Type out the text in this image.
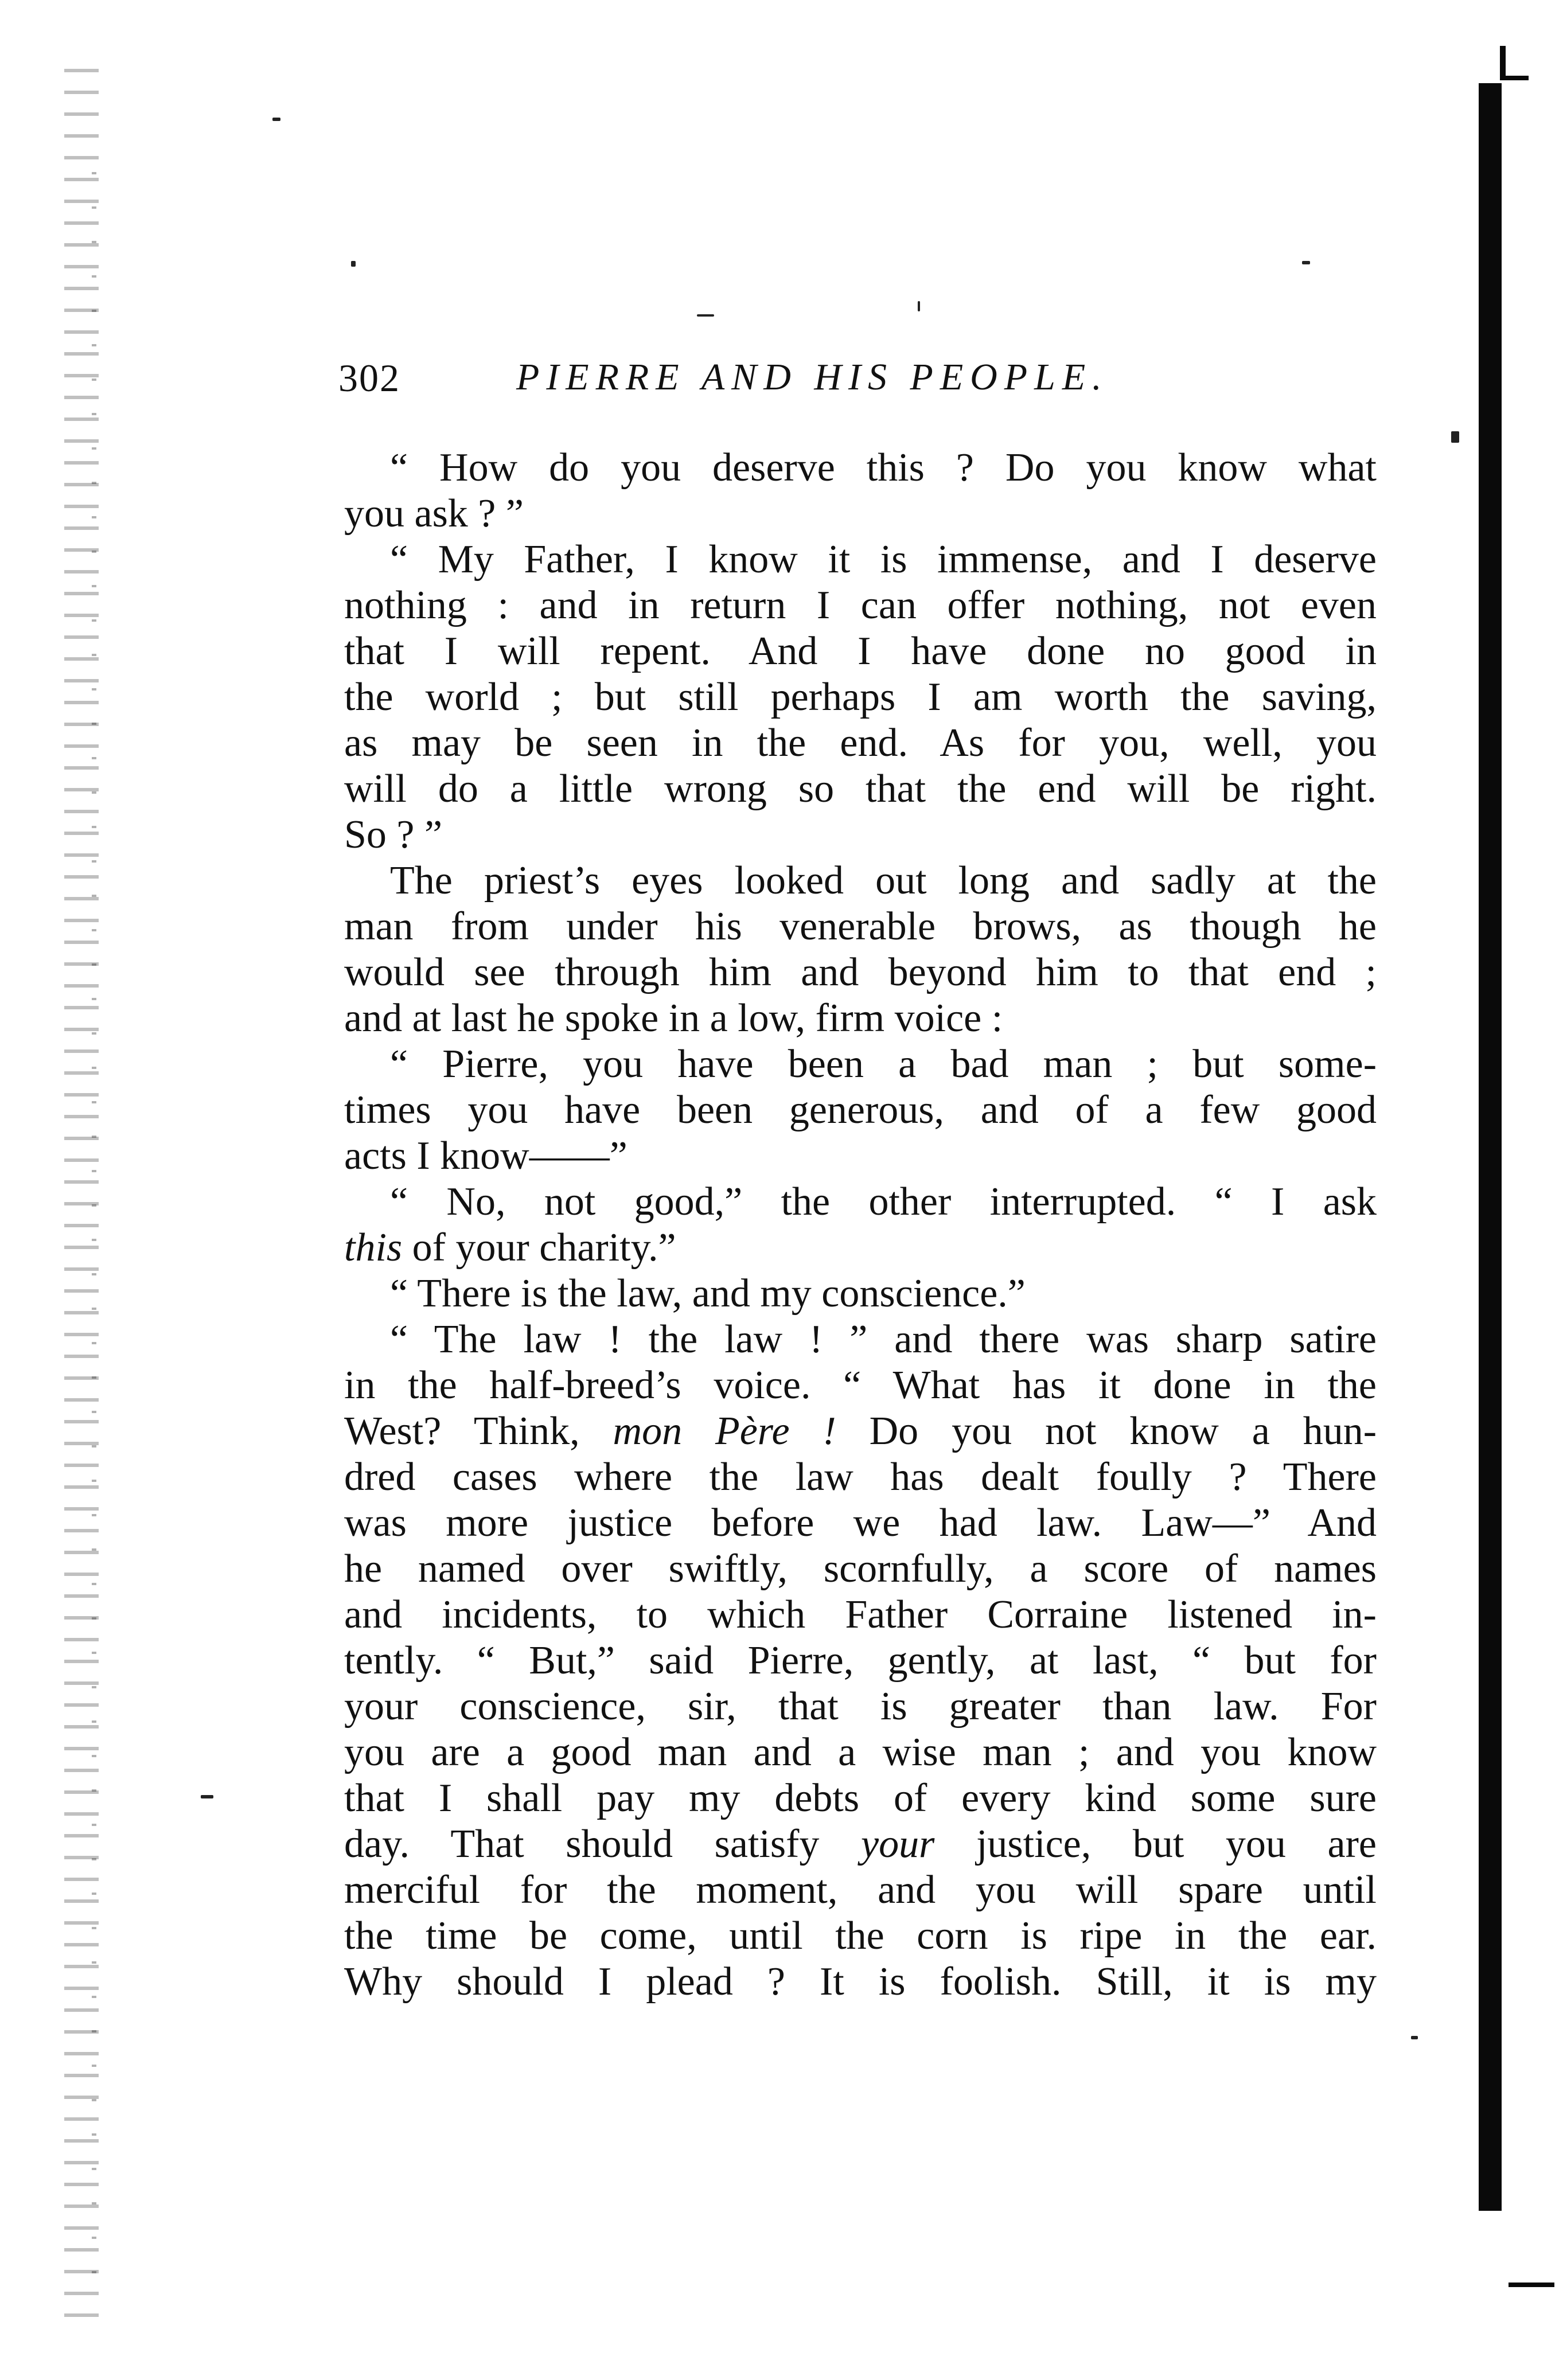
302	PIERRE AND HIS PEOPLE.
“ How do you deserve this ? Do you know what
you ask ? ”
“ My Father, I know it is immense, and I deserve
nothing : and in return I can offer nothing, not even
that I will repent. And I have done no good in
the world ; but still perhaps I am worth the saving,
as may be seen in the end. As for you, well, you
will do a little wrong so that the end will be right.
So ? ”
The priest’s eyes looked out long and sadly at the
man from under his venerable brows, as though he
would see through him and beyond him to that end ;
and at last he spoke in a low, firm voice :
“ Pierre, you have been a bad man ; but some-
times you have been generous, and of a few good
acts I know——”
“ No, not good,” the other interrupted. “ I ask
this of your charity.”
“ There is the law, and my conscience.”
“ The law ! the law ! ” and there was sharp satire
in the half-breed’s voice. “ What has it done in the
West? Think, mon Père ! Do you not know a hun-
dred cases where the law has dealt foully ? There
was more justice before we had law. Law—” And
he named over swiftly, scornfully, a score of names
and incidents, to which Father Corraine listened in-
tently. “ But,” said Pierre, gently, at last, “ but for
your conscience, sir, that is greater than law. For
you are a good man and a wise man ; and you know
that I shall pay my debts of every kind some sure
day. That should satisfy your justice, but you are
merciful for the moment, and you will spare until
the time be come, until the corn is ripe in the ear.
Why should I plead ? It is foolish. Still, it is my
